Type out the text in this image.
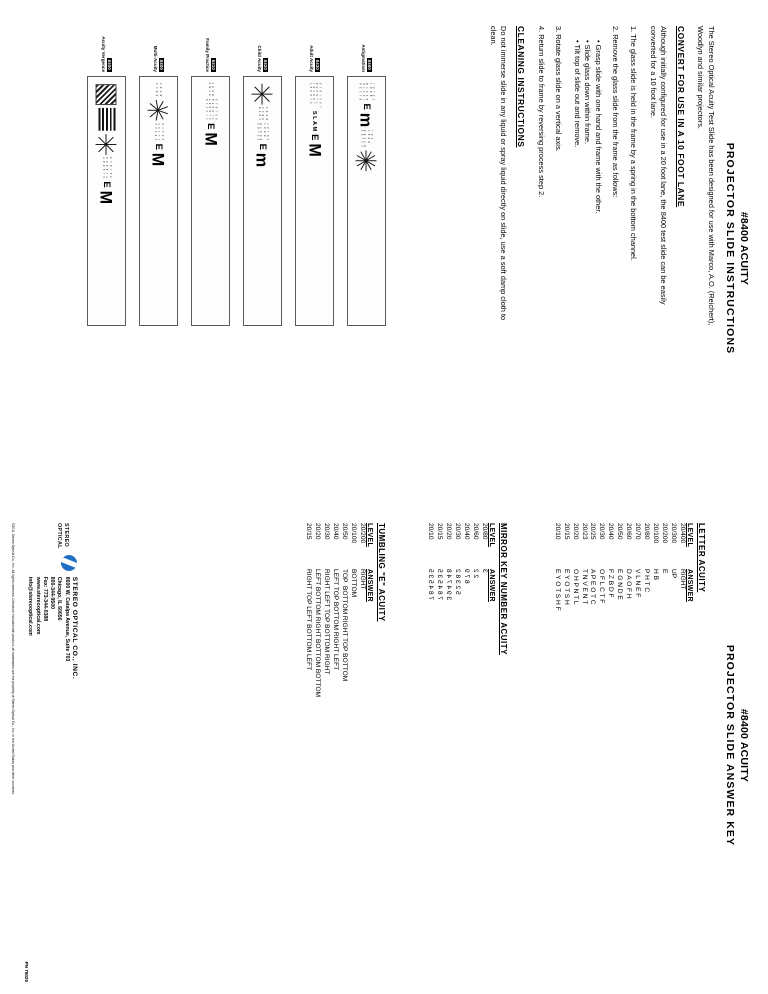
#8400 ACUITY
PROJECTOR SLIDE INSTRUCTIONS
The Stereo Optical Acuity Test Slide has been designed for use with Marco, A.O. (Reichert), Woodlyn and similar projectors.
CONVERT FOR USE IN A 10 FOOT LANE
Although initially configured for use in a 20 foot lane, the 8400 test slide can be easily converted for a 10 foot lane.
1. The glass slide is held in the frame by a spring in the bottom channel.
2. Remove the glass slide from the frame as follows:
• Grasp slide with one hand and frame with the other.
• Slide glass down within frame.
• Tilt top of slide out and remove.
3. Rotate glass slide on a vertical axis.
4. Return slide to frame by reversing process step 2.
CLEANING INSTRUCTIONS
Do not immerse slide in any liquid or spray liquid directly on slide, use a soft damp cloth to clean.
8460
Astigmatism
F P T O Z
L P E D
D F C Z P
O F L C T
P E C F D
E
m
T O Z
L P E D
P E C F D
E D F C Z
8430
Adult Acuity
E Y O T S H F
O H P N T L
T N V E N T
A P E O T C
S L A M
E
M
8420
Child Acuity
m E 3 W
3 m W E
W 3 E m
F P T O Z
L P E D
D F C Z P
E D F C Z
E
m
8410
Family Practice
m E 3 W
3 W m E
E Y O T S H
O H P N T L
A P E O T C
O F L C T F
E
M
8400
Multi-Acuity
m E 3 W
3 m W E
8 4 5 3 5
3 9 4 7 4
5 2 3 8 2
E
M
8450
Acuity Vergence
E Y O T S H
O H P N T L
A P E O T C
E
M
#8400 ACUITY
PROJECTOR SLIDE ANSWER KEY
LETTER ACUITY
LEVEL
20/400
20/300
20/200
20/100
20/80
20/70
20/60
20/50
20/40
20/30
20/25
20/23
20/20
20/15
20/10
ANSWER
RIGHT
UP
E
H B
P H T C
V L N E F
D A O F H
E G N D E
F Z B D F
O F L C T F
A P E O T C
T N V E N T
O H P N T L
E Y O T S H
E Y O T S H F
MIRROR KEY NUMBER ACUITY
LEVEL
20/80
20/60
20/40
20/30
20/20
20/15
20/10
ANSWER
3
2 2
8 7 9
5 2 3 8 2
3 9 4 7 4 8
7 8 4 5 3 5
7 8 4 5 3 5
TUMBLING "E" ACUITY
LEVEL
20/200
20/100
20/50
20/40
20/30
20/20
20/15
ANSWER
RIGHT
BOTTOM
TOP  BOTTOM RIGHT TOP BOTTOM
LEFT TOP BOTTOM RIGHT LEFT
RIGHT LEFT TOP BOTTOM RIGHT
LEFT BOTTOM RIGHT BOTTOM BOTTOM
RIGHT TOP LEFT BOTTOM LEFT
STEREO
OPTICAL
STEREO OPTICAL CO., INC.
8600 W. Catalpa Avenue, Suite 703
Chicago, IL 60656
800-344-9500
Fax: 773-344-0388
www.stereooptical.com
info@stereooptical.com
©2011 Stereo Optical Co., Inc. All rights reserved. Literature included with product, all trademarks are the property of Stereo Optical Co., Inc. in the United States and other countries.
PN 78025
